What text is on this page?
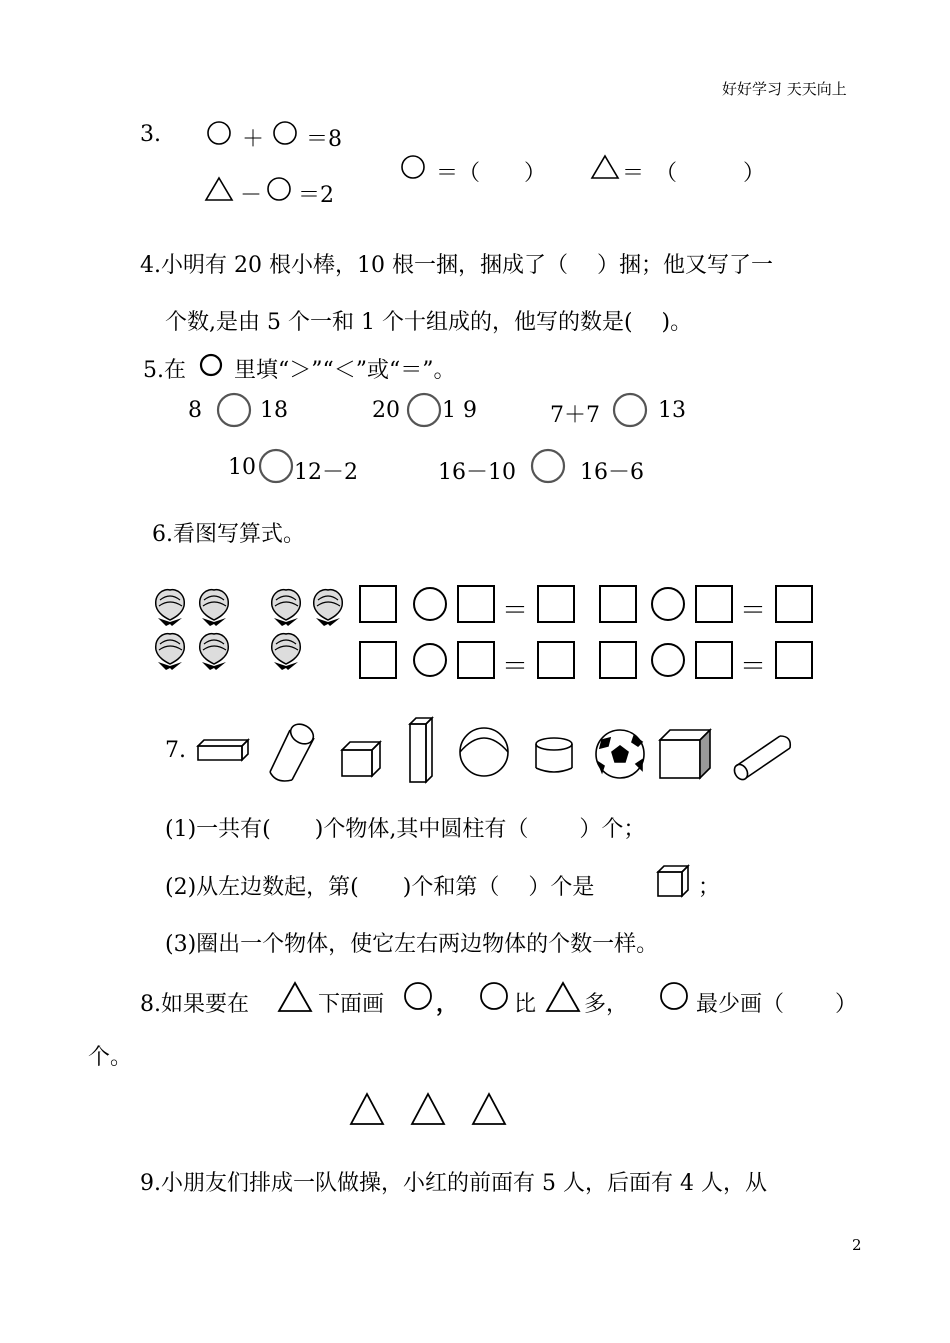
好好学习 天天向上
3.	＋ ＝8
－ ＝2
＝（　　）	＝　（　　　）
4.小明有 20 根小棒，10 根一捆，捆成了（　 ）捆；他又写了一
个数,是由 5 个一和 1 个十组成的，他写的数是(　 )。
5.在 里填“＞”“＜”或“＝”。
8	18	20 1 9	7＋7	13
10 12－2	16－10	16－6
6.看图写算式。
＝	＝
＝	＝
7.
(1)一共有(　　)个物体,其中圆柱有（　　 ）个；
(2)从左边数起，第(　　)个和第（　 ）个是	；
(3)圈出一个物体，使它左右两边物体的个数一样。
8.如果要在	下面画 ，	比 多，	最少画（　　 ）
个。
9.小朋友们排成一队做操，小红的前面有 5 人，后面有 4 人，从
2
